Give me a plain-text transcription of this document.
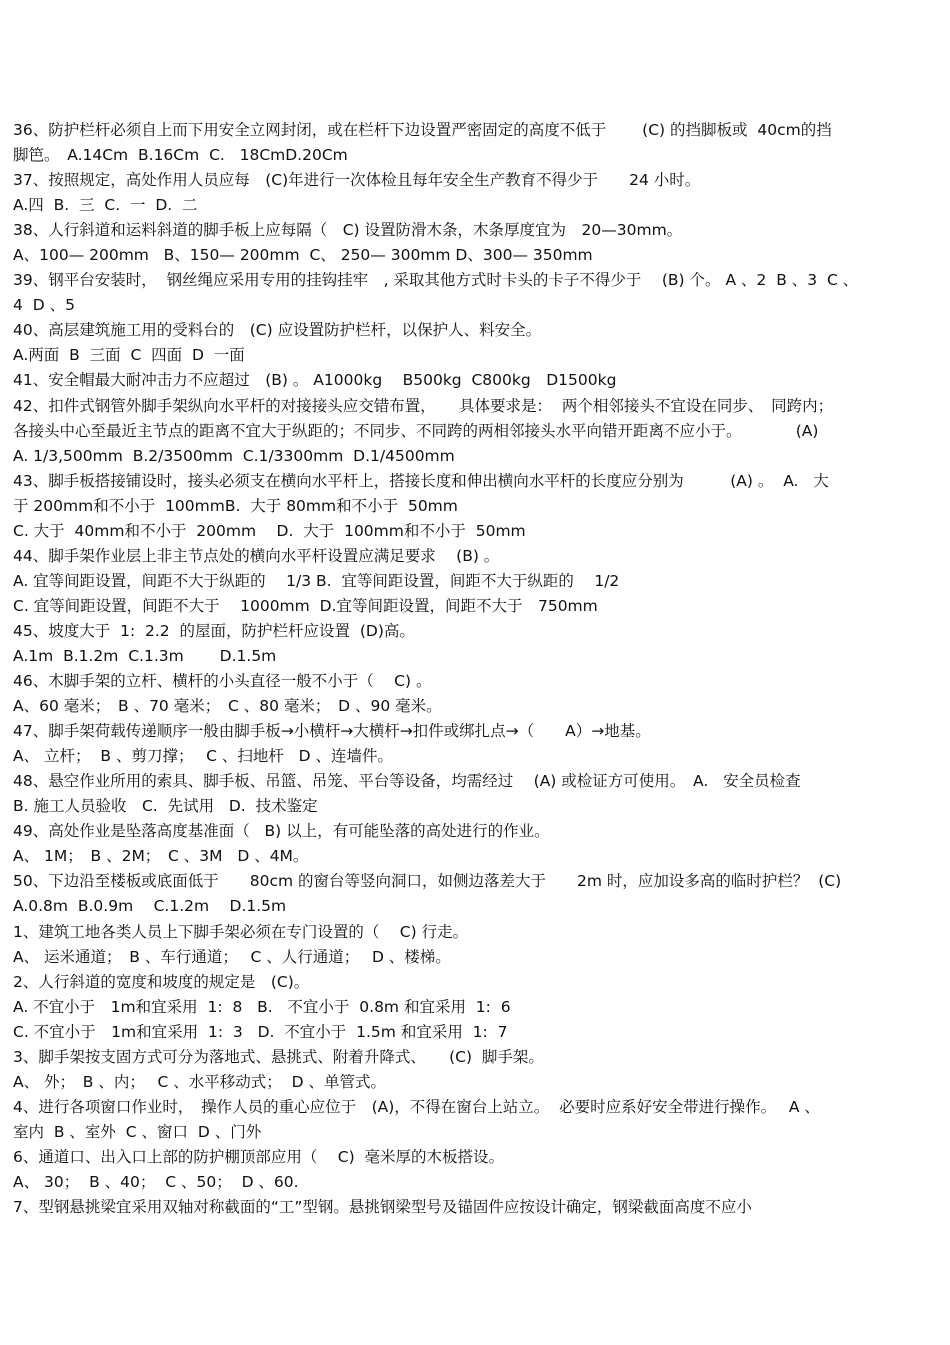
36、防护栏杆必须自上而下用安全立网封闭，或在栏杆下边设置严密固定的高度不低于　　 (C) 的挡脚板或  40cm的挡
脚笆。　A.14Cm  B.16Cm  C.   18CmD.20Cm
37、按照规定，高处作用人员应每　(C)年进行一次体检且每年安全生产教育不得少于　　24 小时。
A.四  B.  三  C.  一  D.  二
38、人行斜道和运料斜道的脚手板上应每隔（　C) 设置防滑木条，木条厚度宜为　20—30mm。
A、100— 200mm   B、150— 200mm  C、 250— 300mm D、300— 350mm
39、钢平台安装时，  钢丝绳应采用专用的挂钩挂牢　, 采取其他方式时卡头的卡子不得少于　 (B) 个。 A 、2  B 、3  C 、
4  D 、5
40、高层建筑施工用的受料台的　(C) 应设置防护栏杆，以保护人、料安全。
A.两面  B  三面  C  四面  D  一面
41、安全帽最大耐冲击力不应超过　(B) 。 A1000kg　 B500kg  C800kg　D1500kg
42、扣件式钢管外脚手架纵向水平杆的对接接头应交错布置，　　具体要求是：  两个相邻接头不宜设在同步、　同跨内；
各接头中心至最近主节点的距离不宜大于纵距的；不同步、不同跨的两相邻接头水平向错开距离不应小于。　　　　(A)
A. 1/3,500mm  B.2/3500mm  C.1/3300mm  D.1/4500mm
43、脚手板搭接铺设时，接头必须支在横向水平杆上，搭接长度和伸出横向水平杆的长度应分别为　　　(A) 。  A.   大
于 200mm和不小于  100mmB.  大于 80mm和不小于  50mm
C. 大于  40mm和不小于  200mm　 D.  大于  100mm和不小于  50mm
44、脚手架作业层上非主节点处的横向水平杆设置应满足要求　 (B) 。
A. 宜等间距设置，间距不大于纵距的　 1/3 B.  宜等间距设置，间距不大于纵距的　 1/2
C. 宜等间距设置，间距不大于　 1000mm  D.宜等间距设置，间距不大于　750mm
45、坡度大于  1:  2.2  的屋面，防护栏杆应设置  (D)高。
A.1m  B.1.2m  C.1.3m　　 D.1.5m
46、木脚手架的立杆、横杆的小头直径一般不小于（　 C) 。
A、60 毫米；　B 、70 毫米；　C 、80 毫米；　D 、90 毫米。
47、脚手架荷载传递顺序一般由脚手板→小横杆→大横杆→扣件或绑扎点→（　　A）→地基。
A、 立杆；  B 、剪刀撑；　 C 、扫地杆   D 、连墙件。
48、悬空作业所用的索具、脚手板、吊篮、吊笼、平台等设备，均需经过　 (A) 或检证方可使用。　A.   安全员检查
B. 施工人员验收　C.  先试用   D.  技术鉴定
49、高处作业是坠落高度基准面（   B) 以上，有可能坠落的高处进行的作业。
A、 1M；　B 、2M；　C 、3M   D 、4M。
50、下边沿至楼板或底面低于　　80cm 的窗台等竖向洞口，如侧边落差大于　　2m 时，应加设多高的临时护栏？  (C)
A.0.8m  B.0.9m　 C.1.2m　 D.1.5m
1、建筑工地各类人员上下脚手架必须在专门设置的（　 C) 行走。
A、 运米通道；　B 、车行通道；　 C 、人行通道；　 D 、楼梯。
2、人行斜道的宽度和坡度的规定是　(C)。
A. 不宜小于　1m和宜采用  1:  8   B.   不宜小于  0.8m 和宜采用  1:  6
C. 不宜小于　1m和宜采用  1:  3   D.  不宜小于  1.5m 和宜采用  1:  7
3、脚手架按支固方式可分为落地式、悬挑式、附着升降式、　　(C)  脚手架。
A、 外；　B 、内；　 C 、水平移动式；  D 、单管式。
4、进行各项窗口作业时，　操作人员的重心应位于　(A)，不得在窗台上站立。  必要时应系好安全带进行操作。　 A 、
室内  B 、室外  C 、窗口  D 、门外
6、通道口、出入口上部的防护棚顶部应用（　 C)  毫米厚的木板搭设。
A、 30；  B 、40；  C 、50；  D 、60.
7、型钢悬挑梁宜采用双轴对称截面的“工”型钢。悬挑钢梁型号及锚固件应按设计确定，钢梁截面高度不应小
